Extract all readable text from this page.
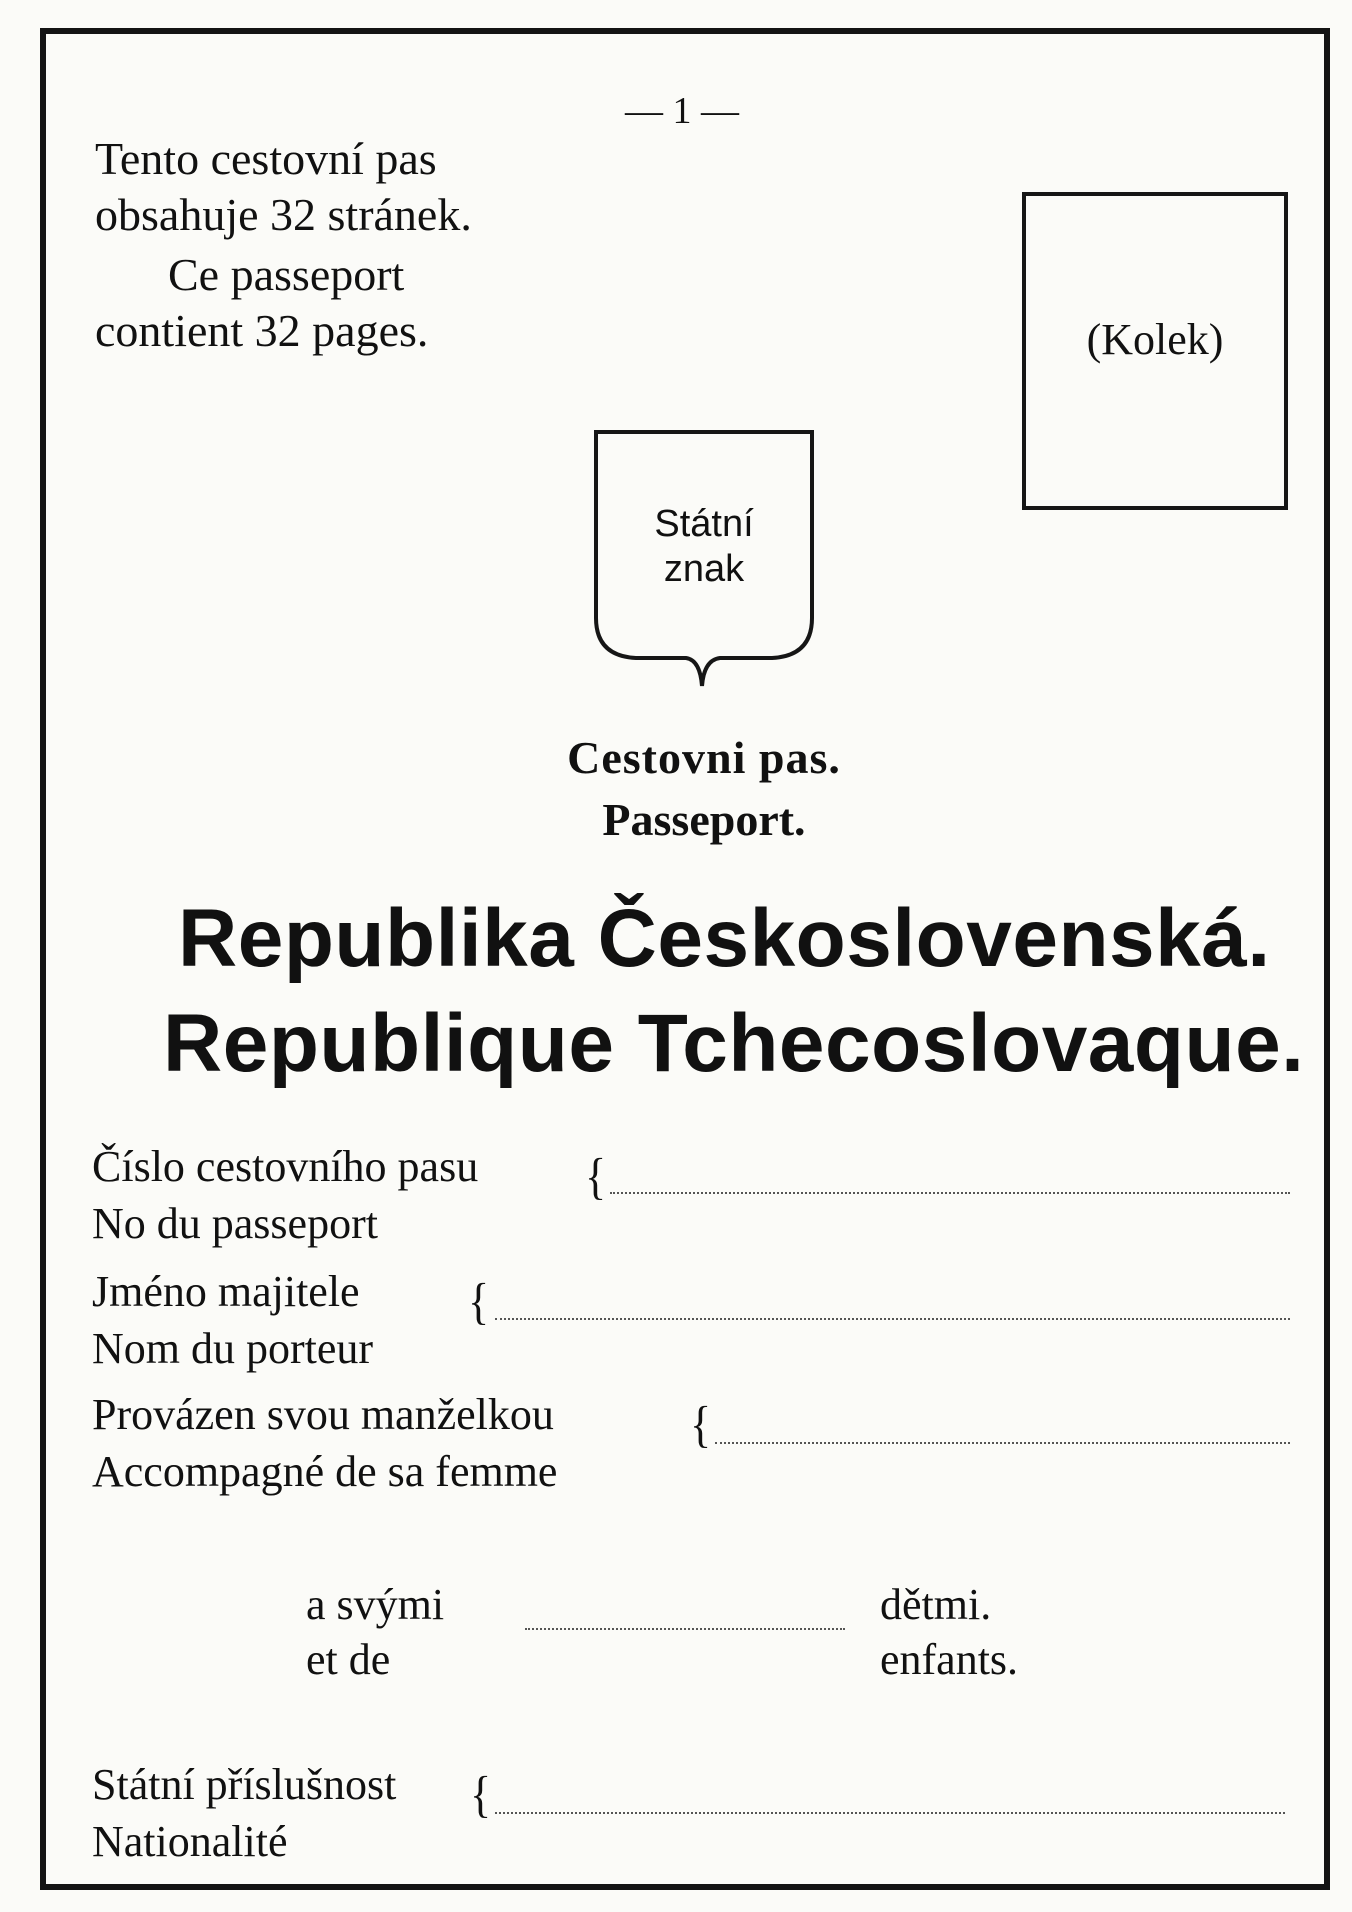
— 1 —
Tento cestovní pas
obsahuje 32 stránek.
Ce passeport
contient 32 pages.	(Kolek)
Státní
znak
Cestovni pas.
Passeport.
Republika Československá.
Republique Tchecoslovaque.
Číslo cestovního pasu
No du passeport
{
Jméno majitele
Nom du porteur
{
Provázen svou manželkou
Accompagné de sa femme
{
a svými
et de
dětmi.
enfants.
Státní příslušnost
Nationalité
{
